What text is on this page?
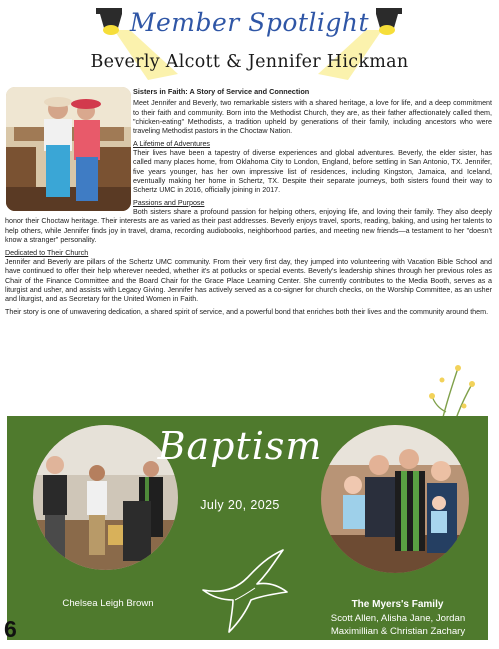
Member Spotlight
Beverly Alcott & Jennifer Hickman
Sisters in Faith: A Story of Service and Connection

Meet Jennifer and Beverly, two remarkable sisters with a shared heritage, a love for life, and a deep commitment to their faith and community. Born into the Methodist Church, they are, as their father affectionately called them, "chicken-eating" Methodists, a tradition upheld by generations of their family, including ancestors who were traveling Methodist pastors in the Choctaw Nation.

A Lifetime of Adventures

Their lives have been a tapestry of diverse experiences and global adventures. Beverly, the elder sister, has called many places home, from Oklahoma City to London, England, before settling in San Antonio, TX. Jennifer, five years younger, has her own impressive list of residences, including Kingston, Jamaica, and Iceland, eventually making her home in Schertz, TX. Despite their separate journeys, both sisters found their way to Schertz UMC in 2016, officially joining in 2017.

Passions and Purpose

Both sisters share a profound passion for helping others, enjoying life, and loving their family. They also deeply honor their Choctaw heritage. Their interests are as varied as their past addresses. Beverly enjoys travel, sports, reading, baking, and using her talents to help others, while Jennifer finds joy in travel, drama, recording audiobooks, neighborhood parties, and meeting new friends—a testament to her "doesn't know a stranger" personality.

Dedicated to Their Church

Jennifer and Beverly are pillars of the Schertz UMC community. From their very first day, they jumped into volunteering with Vacation Bible School and have continued to offer their help wherever needed, whether it's at potlucks or special events. Beverly's leadership shines through her previous roles as Chair of the Finance Committee and the Board Chair for the Grace Place Learning Center. She currently contributes to the Media Booth, serves as a liturgist and usher, and assists with Legacy Giving. Jennifer has actively served as a co-signer for church checks, on the Worship Committee, as an usher and liturgist, and as Secretary for the United Women in Faith.

Their story is one of unwavering dedication, a shared spirit of service, and a powerful bond that enriches both their lives and the community around them.

Baptism
July 20, 2025
Chelsea Leigh Brown	The Myers's Family
Scott Allen, Alisha Jane, Jordan
Maximillian & Christian Zachary
6
